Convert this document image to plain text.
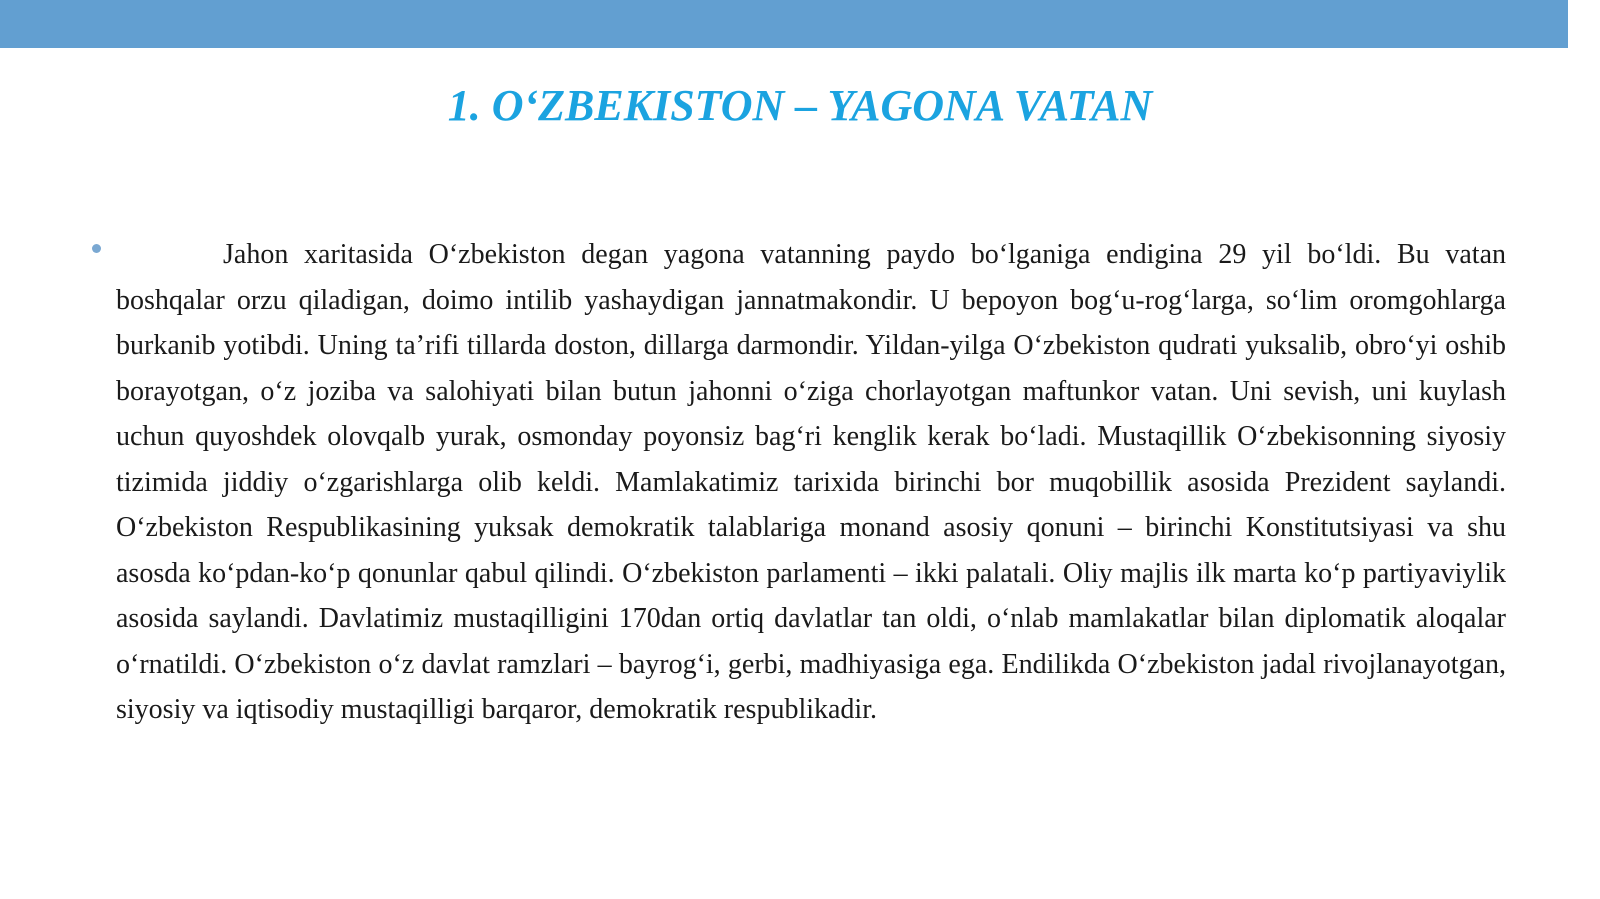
1. O‘ZBEKISTON – YAGONA VATAN

Jahon xaritasida O‘zbekiston degan yagona vatanning paydo bo‘lganiga endigina 29 yil bo‘ldi. Bu vatan boshqalar orzu qiladigan, doimo intilib yashaydigan jannatmakondir. U bepoyon bog‘u-rog‘larga, so‘lim oromgohlarga burkanib yotibdi. Uning ta’rifi tillarda doston, dillarga darmondir. Yildan-yilga O‘zbekiston qudrati yuksalib, obro‘yi oshib borayotgan, o‘z joziba va salohiyati bilan butun jahonni o‘ziga chorlayotgan maftunkor vatan. Uni sevish, uni kuylash uchun quyoshdek olovqalb yurak, osmonday poyonsiz bag‘ri kenglik kerak bo‘ladi. Mustaqillik O‘zbekisonning siyosiy tizimida jiddiy o‘zgarishlarga olib keldi. Mamlakatimiz tarixida birinchi bor muqobillik asosida Prezident saylandi. O‘zbekiston Respublikasining yuksak demokratik talablariga monand asosiy qonuni – birinchi Konstitutsiyasi va shu asosda ko‘pdan-ko‘p qonunlar qabul qilindi. O‘zbekiston parlamenti – ikki palatali. Oliy majlis ilk marta ko‘p partiyaviylik asosida saylandi. Davlatimiz mustaqilligini 170dan ortiq davlatlar tan oldi, o‘nlab mamlakatlar bilan diplomatik aloqalar o‘rnatildi. O‘zbekiston o‘z davlat ramzlari – bayrog‘i, gerbi, madhiyasiga ega. Endilikda O‘zbekiston jadal rivojlanayotgan, siyosiy va iqtisodiy mustaqilligi barqaror, demokratik respublikadir.
